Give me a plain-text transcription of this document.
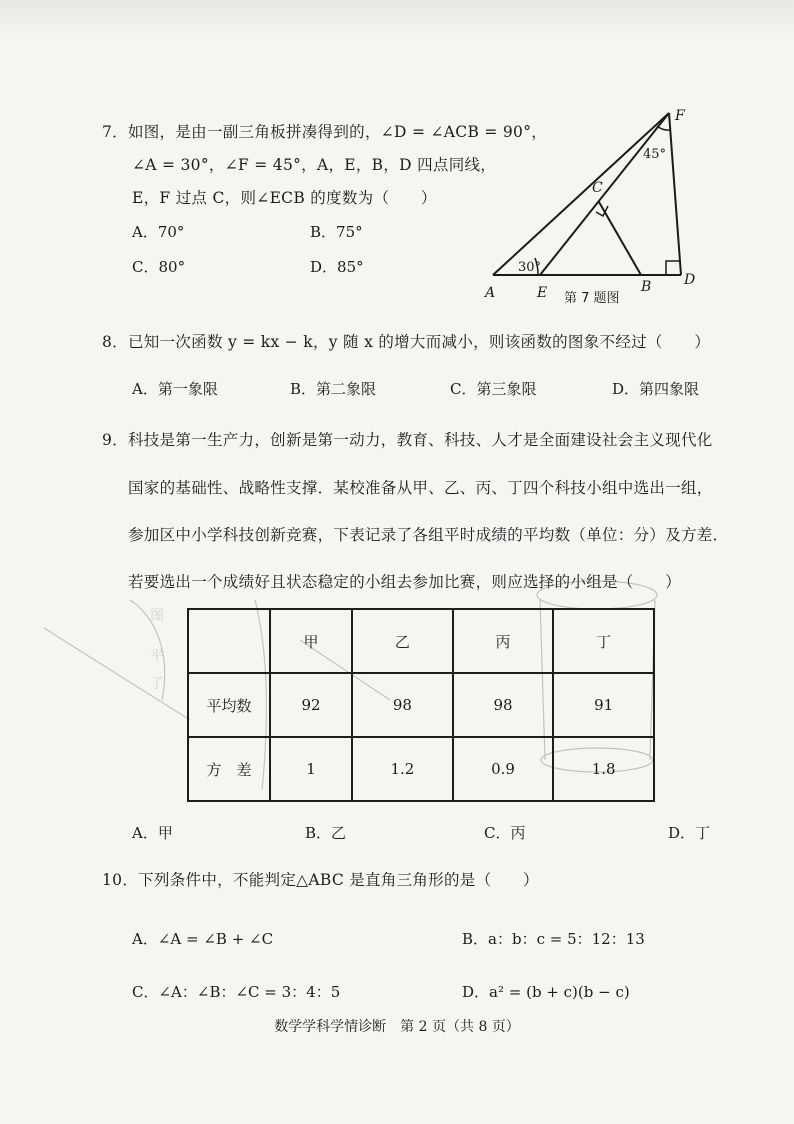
图
平
了
7．如图，是由一副三角板拼凑得到的，∠D = ∠ACB = 90°，
∠A = 30°，∠F = 45°，A，E，B，D 四点同线，
E，F 过点 C，则∠ECB 的度数为（　　）
A．70°	B．75°
C．80°	D．85°
F
C
A	E	B D
30°
45°
第 7 题图
8．已知一次函数 y = kx − k，y 随 x 的增大而减小，则该函数的图象不经过（　　）
A．第一象限	B．第二象限	C．第三象限	D．第四象限
9．科技是第一生产力，创新是第一动力，教育、科技、人才是全面建设社会主义现代化
国家的基础性、战略性支撑．某校准备从甲、乙、丙、丁四个科技小组中选出一组，
参加区中小学科技创新竞赛，下表记录了各组平时成绩的平均数（单位：分）及方差．
若要选出一个成绩好且状态稳定的小组去参加比赛，则应选择的小组是（　　）
	甲	乙	丙	丁
平均数	92	98	98	91
方　差	1	1.2	0.9	1.8
A．甲	B．乙	C．丙	D．丁
10．下列条件中，不能判定△ABC 是直角三角形的是（　　）
A．∠A = ∠B + ∠C	B．a：b：c = 5：12：13
C．∠A：∠B：∠C = 3：4：5	D．a² = (b + c)(b − c)
数学学科学情诊断　第 2 页（共 8 页）
